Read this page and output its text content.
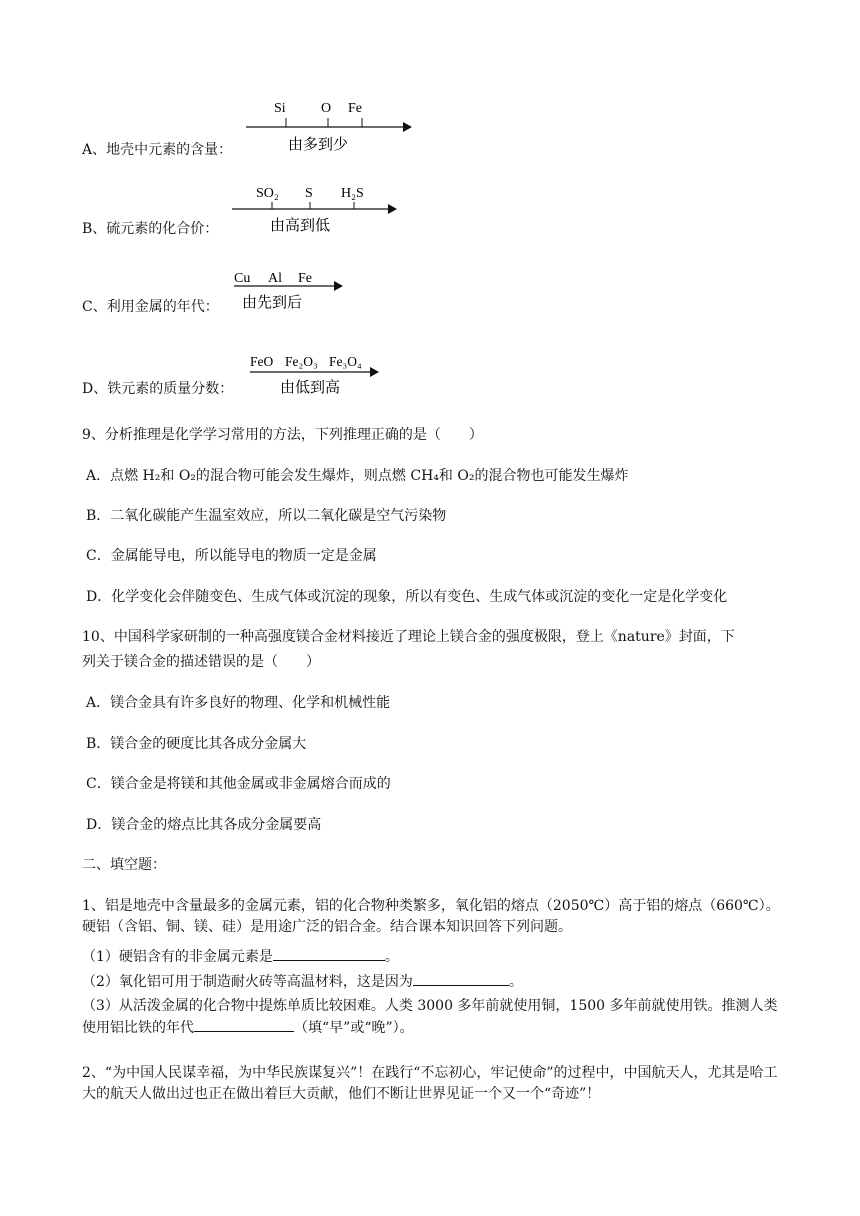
A、地壳中元素的含量：
Si	O Fe
由多到少
B、硫元素的化合价：
SO₂ S H₂S
由高到低
C、利用金属的年代：
Cu Al Fe
由先到后
D、铁元素的质量分数：
FeO Fe₂O₃ Fe₃O₄
由低到高
9、分析推理是化学学习常用的方法，下列推理正确的是（　　）
A．点燃 H₂和 O₂的混合物可能会发生爆炸，则点燃 CH₄和 O₂的混合物也可能发生爆炸
B．二氧化碳能产生温室效应，所以二氧化碳是空气污染物
C．金属能导电，所以能导电的物质一定是金属
D．化学变化会伴随变色、生成气体或沉淀的现象，所以有变色、生成气体或沉淀的变化一定是化学变化
10、中国科学家研制的一种高强度镁合金材料接近了理论上镁合金的强度极限，登上《nature》封面，下
列关于镁合金的描述错误的是（　　）
A．镁合金具有许多良好的物理、化学和机械性能
B．镁合金的硬度比其各成分金属大
C．镁合金是将镁和其他金属或非金属熔合而成的
D．镁合金的熔点比其各成分金属要高
二、填空题：
1、铝是地壳中含量最多的金属元素，铝的化合物种类繁多，氧化铝的熔点（2050℃）高于铝的熔点（660℃）。硬铝（含铝、铜、镁、硅）是用途广泛的铝合金。结合课本知识回答下列问题。
（1）硬铝含有的非金属元素是	。
（2）氧化铝可用于制造耐火砖等高温材料，这是因为	。
（3）从活泼金属的化合物中提炼单质比较困难。人类 3000 多年前就使用铜，1500 多年前就使用铁。推测人类使用铝比铁的年代	（填“早”或“晚”）。
2、“为中国人民谋幸福，为中华民族谋复兴”！在践行“不忘初心，牢记使命”的过程中，中国航天人，尤其是哈工大的航天人做出过也正在做出着巨大贡献，他们不断让世界见证一个又一个“奇迹”！
